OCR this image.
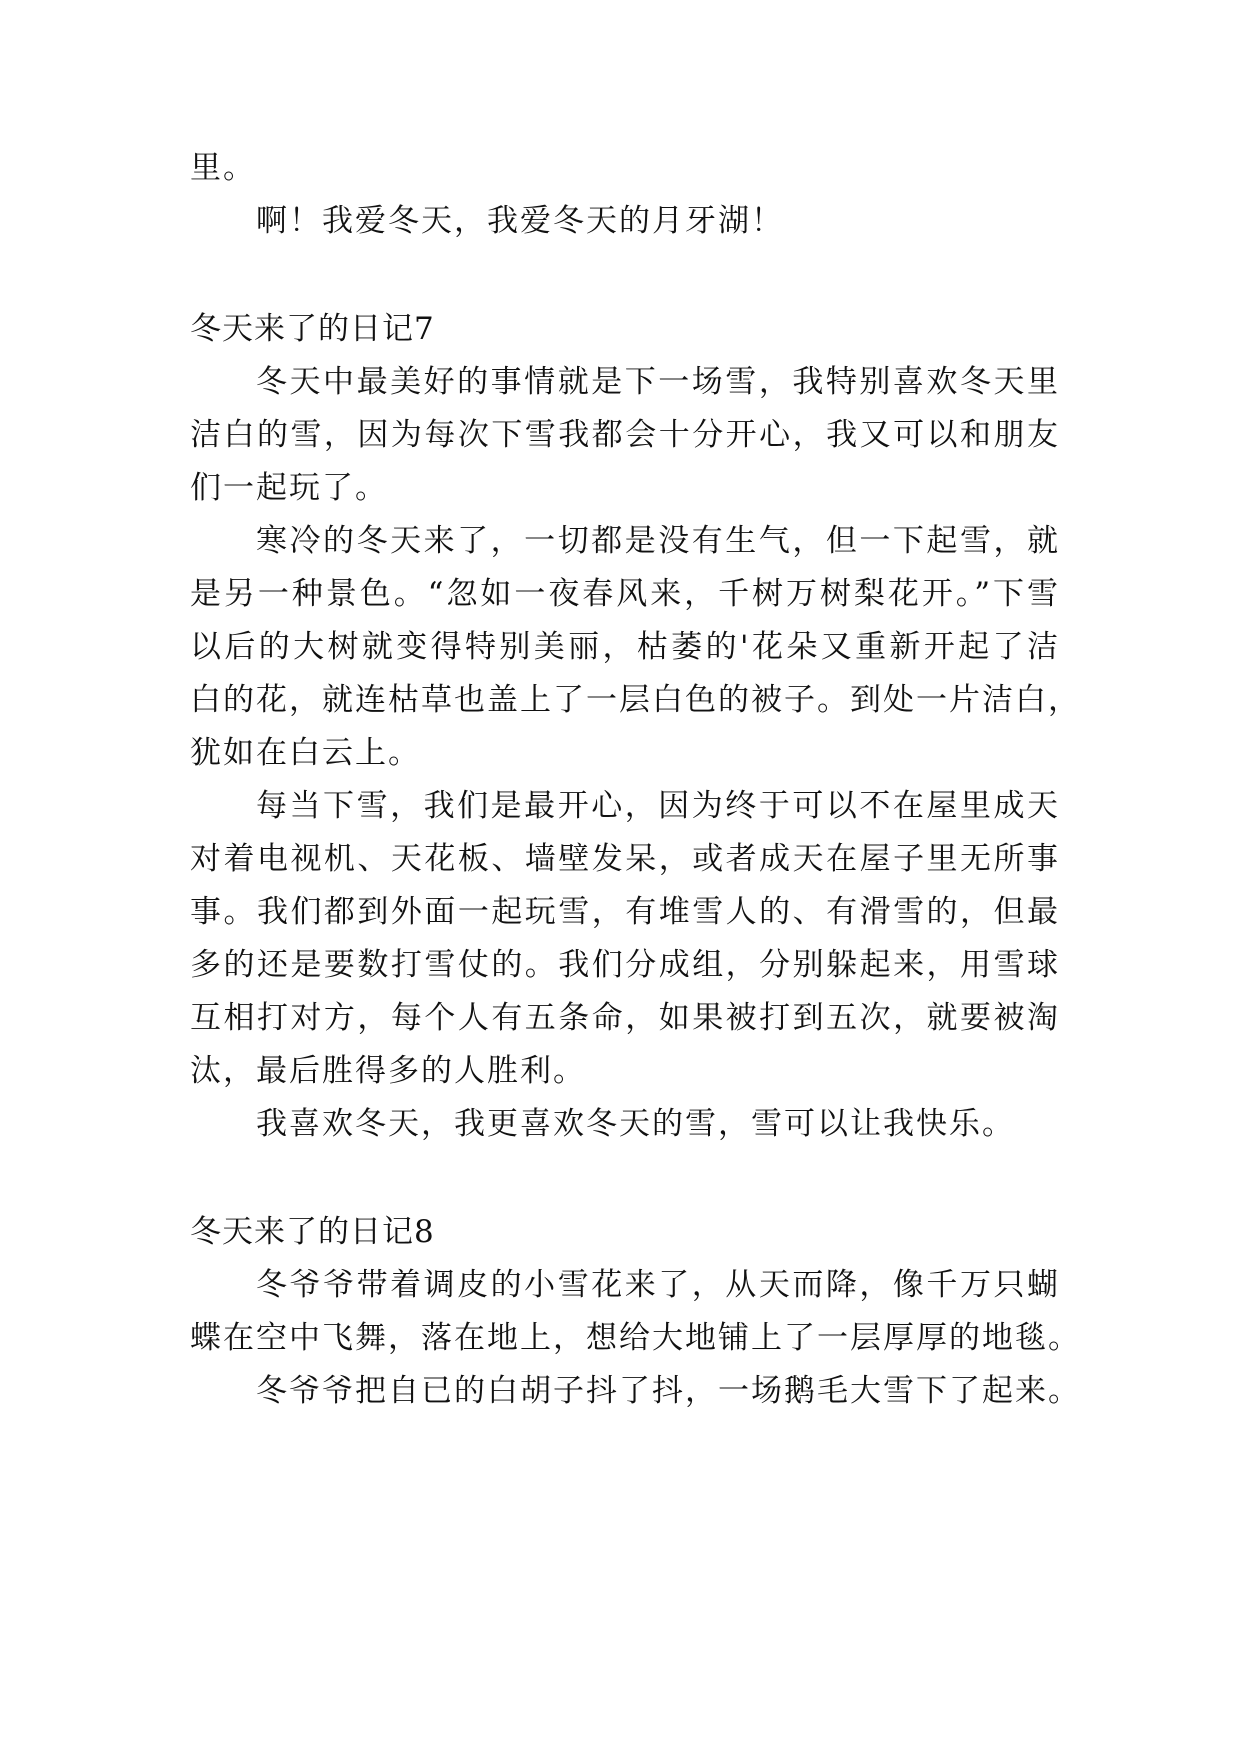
里。
啊！我爱冬天，我爱冬天的月牙湖！
冬天来了的日记7
冬天中最美好的事情就是下一场雪，我特别喜欢冬天里
洁白的雪，因为每次下雪我都会十分开心，我又可以和朋友
们一起玩了。
寒冷的冬天来了，一切都是没有生气，但一下起雪，就
是另一种景色。“忽如一夜春风来，千树万树梨花开。”下雪
以后的大树就变得特别美丽，枯萎的'花朵又重新开起了洁
白的花，就连枯草也盖上了一层白色的被子。到处一片洁白，
犹如在白云上。
每当下雪，我们是最开心，因为终于可以不在屋里成天
对着电视机、天花板、墙壁发呆，或者成天在屋子里无所事
事。我们都到外面一起玩雪，有堆雪人的、有滑雪的，但最
多的还是要数打雪仗的。我们分成组，分别躲起来，用雪球
互相打对方，每个人有五条命，如果被打到五次，就要被淘
汰，最后胜得多的人胜利。
我喜欢冬天，我更喜欢冬天的雪，雪可以让我快乐。
冬天来了的日记8
冬爷爷带着调皮的小雪花来了，从天而降，像千万只蝴
蝶在空中飞舞，落在地上，想给大地铺上了一层厚厚的地毯。
冬爷爷把自已的白胡子抖了抖，一场鹅毛大雪下了起来。
